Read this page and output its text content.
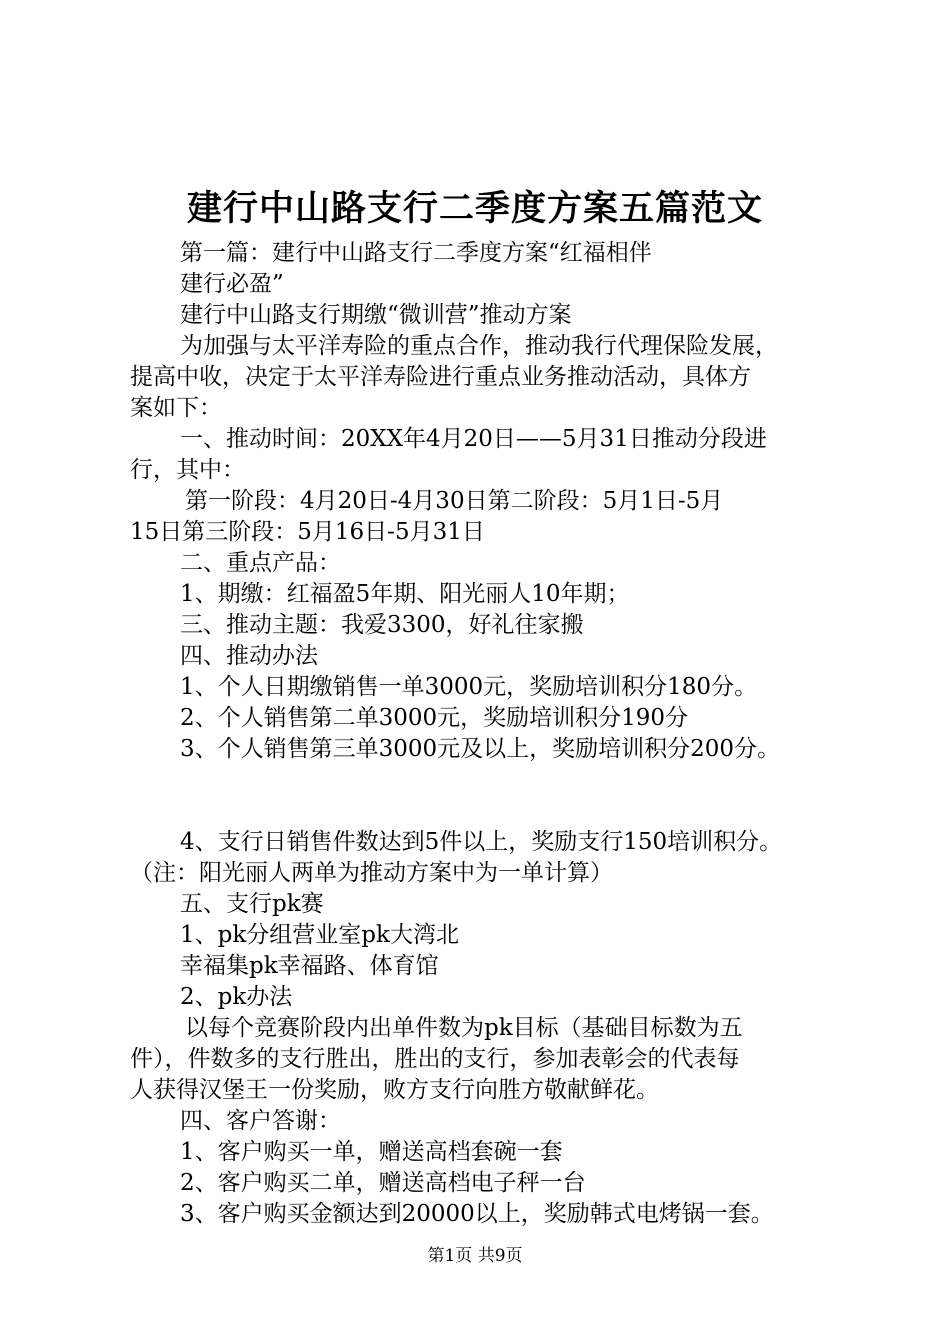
建行中山路支行二季度方案五篇范文
第一篇：建行中山路支行二季度方案“红福相伴
建行必盈”
建行中山路支行期缴“微训营”推动方案
为加强与太平洋寿险的重点合作，推动我行代理保险发展，
提高中收，决定于太平洋寿险进行重点业务推动活动，具体方
案如下：
一、推动时间：20XX年4月20日——5月31日推动分段进
行，其中：
第一阶段：4月20日-4月30日第二阶段：5月1日-5月
15日第三阶段：5月16日-5月31日
二、重点产品：
1、期缴：红福盈5年期、阳光丽人10年期；
三、推动主题：我爱3300，好礼往家搬
四、推动办法
1、个人日期缴销售一单3000元，奖励培训积分180分。
2、个人销售第二单3000元，奖励培训积分190分
3、个人销售第三单3000元及以上，奖励培训积分200分。
4、支行日销售件数达到5件以上，奖励支行150培训积分。
（注：阳光丽人两单为推动方案中为一单计算）
五、支行pk赛
1、pk分组营业室pk大湾北
幸福集pk幸福路、体育馆
2、pk办法
以每个竞赛阶段内出单件数为pk目标（基础目标数为五
件），件数多的支行胜出，胜出的支行，参加表彰会的代表每
人获得汉堡王一份奖励，败方支行向胜方敬献鲜花。
四、客户答谢：
1、客户购买一单，赠送高档套碗一套
2、客户购买二单，赠送高档电子秤一台
3、客户购买金额达到20000以上，奖励韩式电烤锅一套。
第1页 共9页
